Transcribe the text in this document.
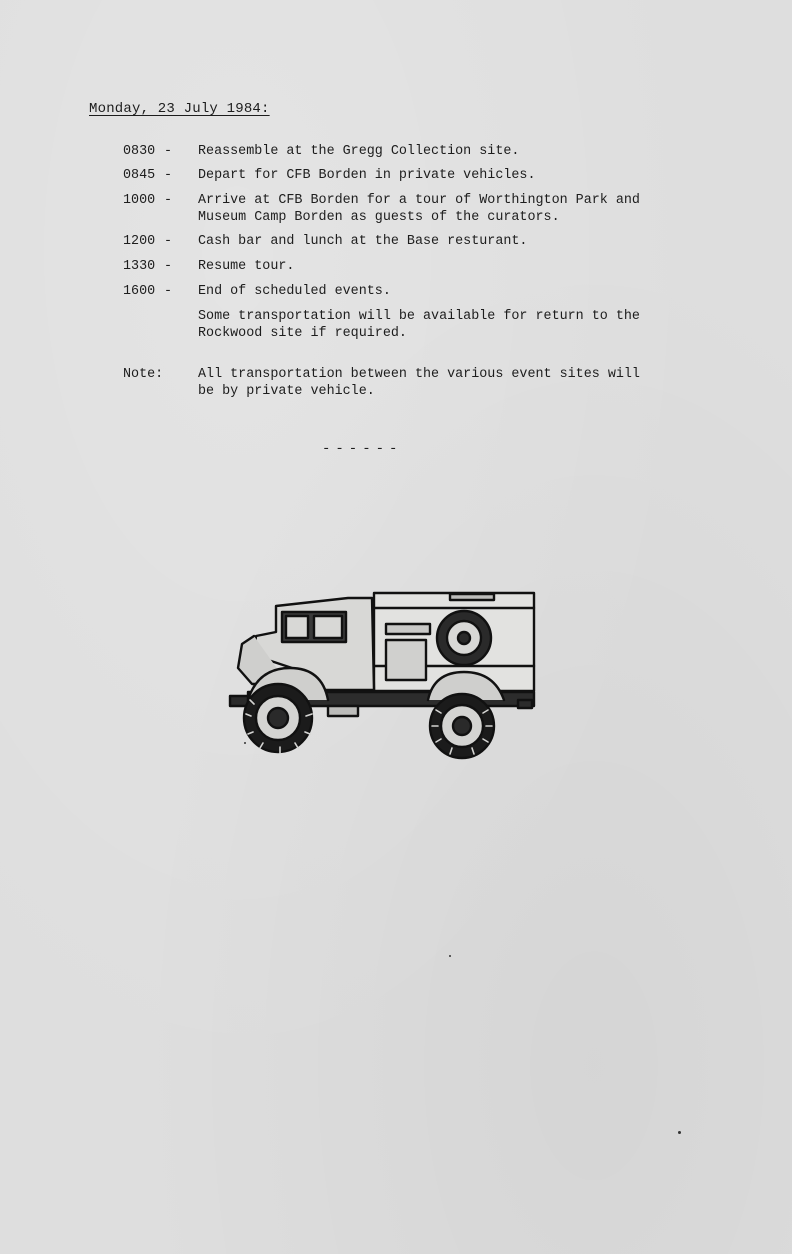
Monday, 23 July 1984:
0830 - Reassemble at the Gregg Collection site.
0845 - Depart for CFB Borden in private vehicles.
1000 - Arrive at CFB Borden for a tour of Worthington Park and
Museum Camp Borden as guests of the curators.
1200 - Cash bar and lunch at the Base resturant.
1330 - Resume tour.
1600 - End of scheduled events.
Some transportation will be available for return to the
Rockwood site if required.
Note:	All transportation between the various event sites will
be by private vehicle.
------
